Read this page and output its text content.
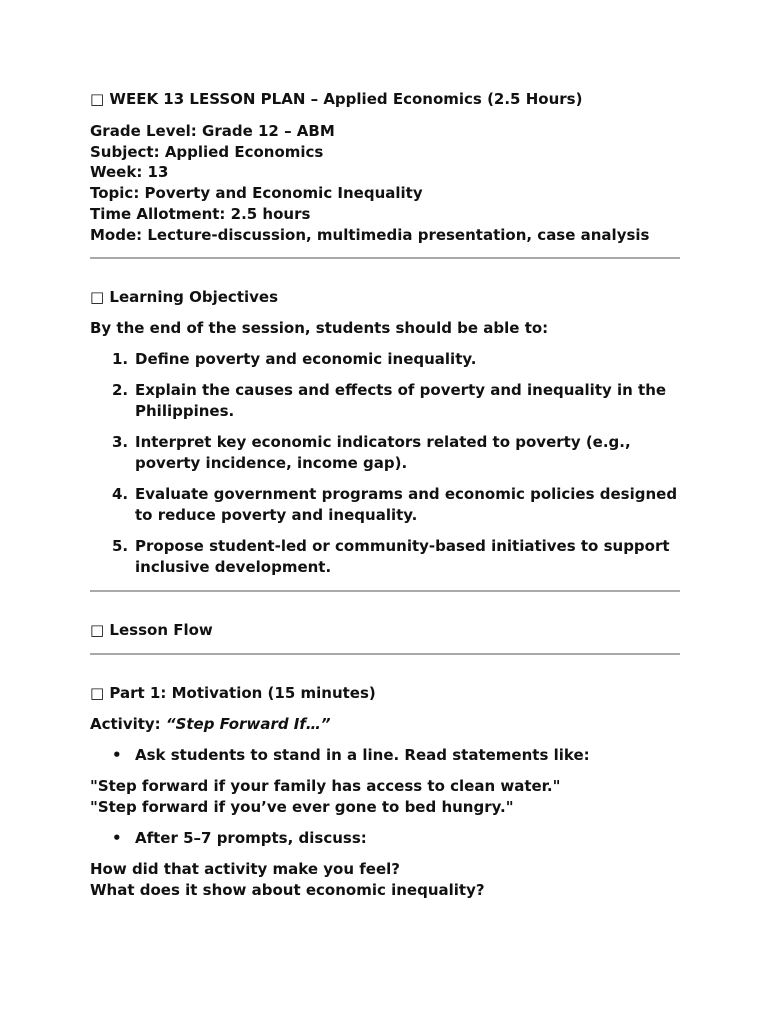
□ WEEK 13 LESSON PLAN – Applied Economics (2.5 Hours)
Grade Level: Grade 12 – ABM
Subject: Applied Economics
Week: 13
Topic: Poverty and Economic Inequality
Time Allotment: 2.5 hours
Mode: Lecture-discussion, multimedia presentation, case analysis
□ Learning Objectives
By the end of the session, students should be able to:
1. Define poverty and economic inequality.
2. Explain the causes and effects of poverty and inequality in the Philippines.
3. Interpret key economic indicators related to poverty (e.g., poverty incidence, income gap).
4. Evaluate government programs and economic policies designed to reduce poverty and inequality.
5. Propose student-led or community-based initiatives to support inclusive development.
□ Lesson Flow
□ Part 1: Motivation (15 minutes)
Activity: “Step Forward If…”
• Ask students to stand in a line. Read statements like:
"Step forward if your family has access to clean water."
"Step forward if you’ve ever gone to bed hungry."
• After 5–7 prompts, discuss:
How did that activity make you feel?
What does it show about economic inequality?
